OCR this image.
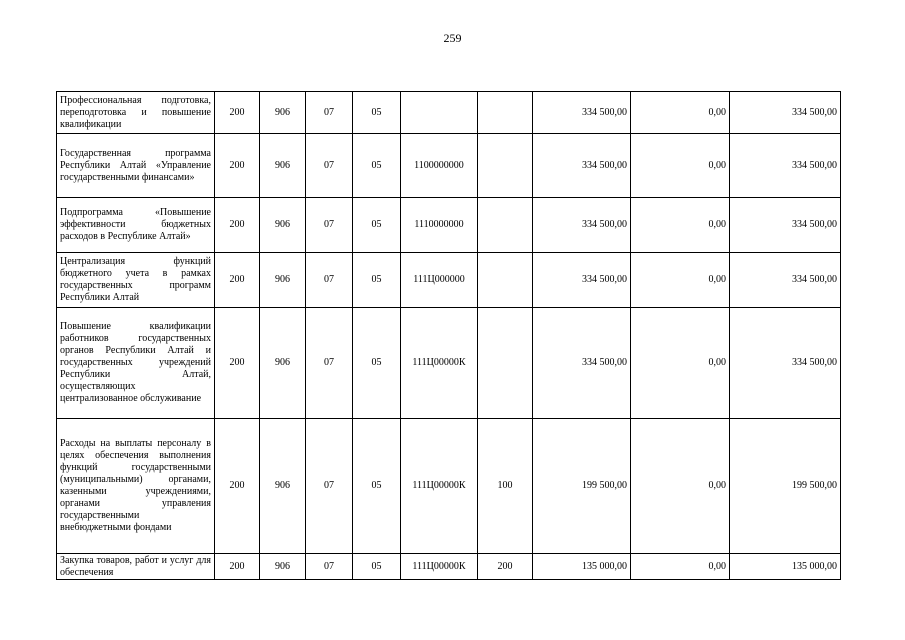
259
Профессиональная подготовка, переподготовка и повышение квалификации	200	906	07	05			334 500,00	0,00	334 500,00
Государственная программа Республики Алтай «Управление государственными финансами»	200	906	07	05	1100000000		334 500,00	0,00	334 500,00
Подпрограмма «Повышение эффективности бюджетных расходов в Республике Алтай»	200	906	07	05	1110000000		334 500,00	0,00	334 500,00
Централизация функций бюджетного учета в рамках государственных программ Республики Алтай	200	906	07	05	111Ц000000		334 500,00	0,00	334 500,00
Повышение квалификации работников государственных органов Республики Алтай и государственных учреждений Республики Алтай, осуществляющих централизованное обслуживание	200	906	07	05	111Ц00000К		334 500,00	0,00	334 500,00
Расходы на выплаты персоналу в целях обеспечения выполнения функций государственными (муниципальными) органами, казенными учреждениями, органами управления государственными внебюджетными фондами	200	906	07	05	111Ц00000К	100	199 500,00	0,00	199 500,00
Закупка товаров, работ и услуг для обеспечения	200	906	07	05	111Ц00000К	200	135 000,00	0,00	135 000,00
